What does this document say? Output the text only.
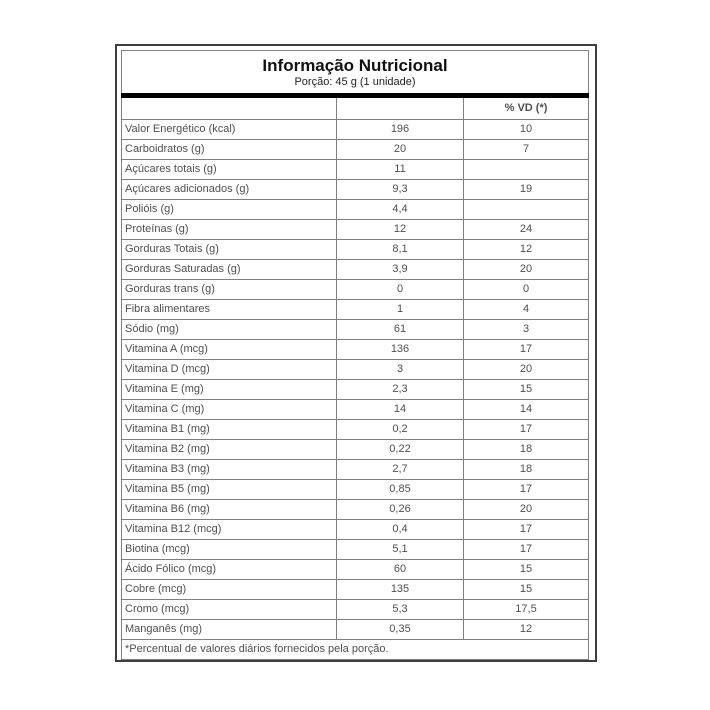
Informação Nutricional
Porção: 45 g (1 unidade)		

		% VD (*)
Valor Energético (kcal)	196	10
Carboidratos (g)	20	7
Açúcares totais (g)	11	
Açúcares adicionados (g)	9,3	19
Polióis (g)	4,4	
Proteínas (g)	12	24
Gorduras Totais (g)	8,1	12
Gorduras Saturadas (g)	3,9	20
Gorduras trans (g)	0	0
Fibra alimentares	1	4
Sódio (mg)	61	3
Vitamina A (mcg)	136	17
Vitamina D (mcg)	3	20
Vitamina E (mg)	2,3	15
Vitamina C (mg)	14	14
Vitamina B1 (mg)	0,2	17
Vitamina B2 (mg)	0,22	18
Vitamina B3 (mg)	2,7	18
Vitamina B5 (mg)	0,85	17
Vitamina B6 (mg)	0,26	20
Vitamina B12 (mcg)	0,4	17
Biotina (mcg)	5,1	17
Ácido Fólico (mcg)	60	15
Cobre (mcg)	135	15
Cromo (mcg)	5,3	17,5
Manganês (mg)	0,35	12
*Percentual de valores diários fornecidos pela porção.		
